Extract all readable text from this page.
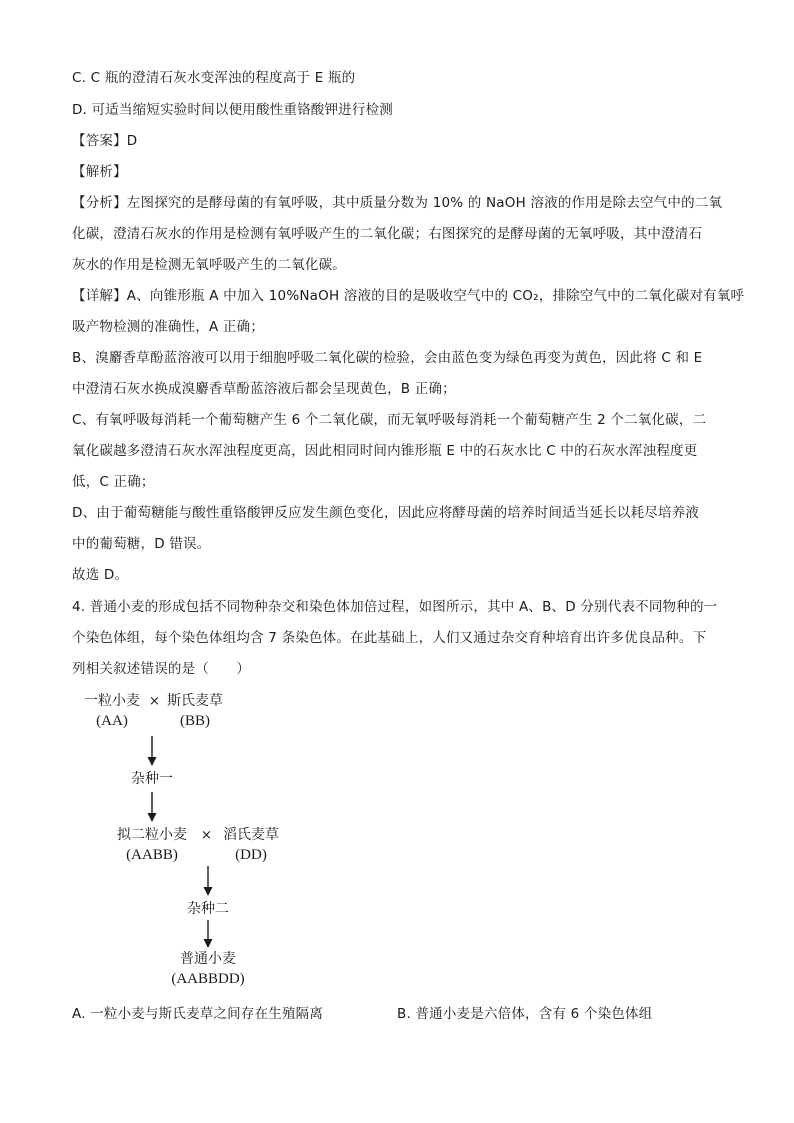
C. C 瓶的澄清石灰水变浑浊的程度高于 E 瓶的
D. 可适当缩短实验时间以便用酸性重铬酸钾进行检测
【答案】D
【解析】
【分析】左图探究的是酵母菌的有氧呼吸，其中质量分数为 10% 的 NaOH 溶液的作用是除去空气中的二氧
化碳，澄清石灰水的作用是检测有氧呼吸产生的二氧化碳；右图探究的是酵母菌的无氧呼吸，其中澄清石
灰水的作用是检测无氧呼吸产生的二氧化碳。
【详解】A、向锥形瓶 A 中加入 10%NaOH 溶液的目的是吸收空气中的 CO₂，排除空气中的二氧化碳对有氧呼
吸产物检测的准确性，A 正确；
B、溴麝香草酚蓝溶液可以用于细胞呼吸二氧化碳的检验，会由蓝色变为绿色再变为黄色，因此将 C 和 E
中澄清石灰水换成溴麝香草酚蓝溶液后都会呈现黄色，B 正确；
C、有氧呼吸每消耗一个葡萄糖产生 6 个二氧化碳，而无氧呼吸每消耗一个葡萄糖产生 2 个二氧化碳，二
氧化碳越多澄清石灰水浑浊程度更高，因此相同时间内锥形瓶 E 中的石灰水比 C 中的石灰水浑浊程度更
低，C 正确；
D、由于葡萄糖能与酸性重铬酸钾反应发生颜色变化，因此应将酵母菌的培养时间适当延长以耗尽培养液
中的葡萄糖，D 错误。
故选 D。
4. 普通小麦的形成包括不同物种杂交和染色体加倍过程，如图所示，其中 A、B、D 分别代表不同物种的一
个染色体组，每个染色体组均含 7 条染色体。在此基础上，人们又通过杂交育种培育出许多优良品种。下
列相关叙述错误的是（　　）
一粒小麦 × 斯氏麦草
(AA)	(BB)
杂种一
拟二粒小麦	× 滔氏麦草
(AABB)	(DD)
杂种二
普通小麦
(AABBDD)
A. 一粒小麦与斯氏麦草之间存在生殖隔离	B. 普通小麦是六倍体，含有 6 个染色体组
